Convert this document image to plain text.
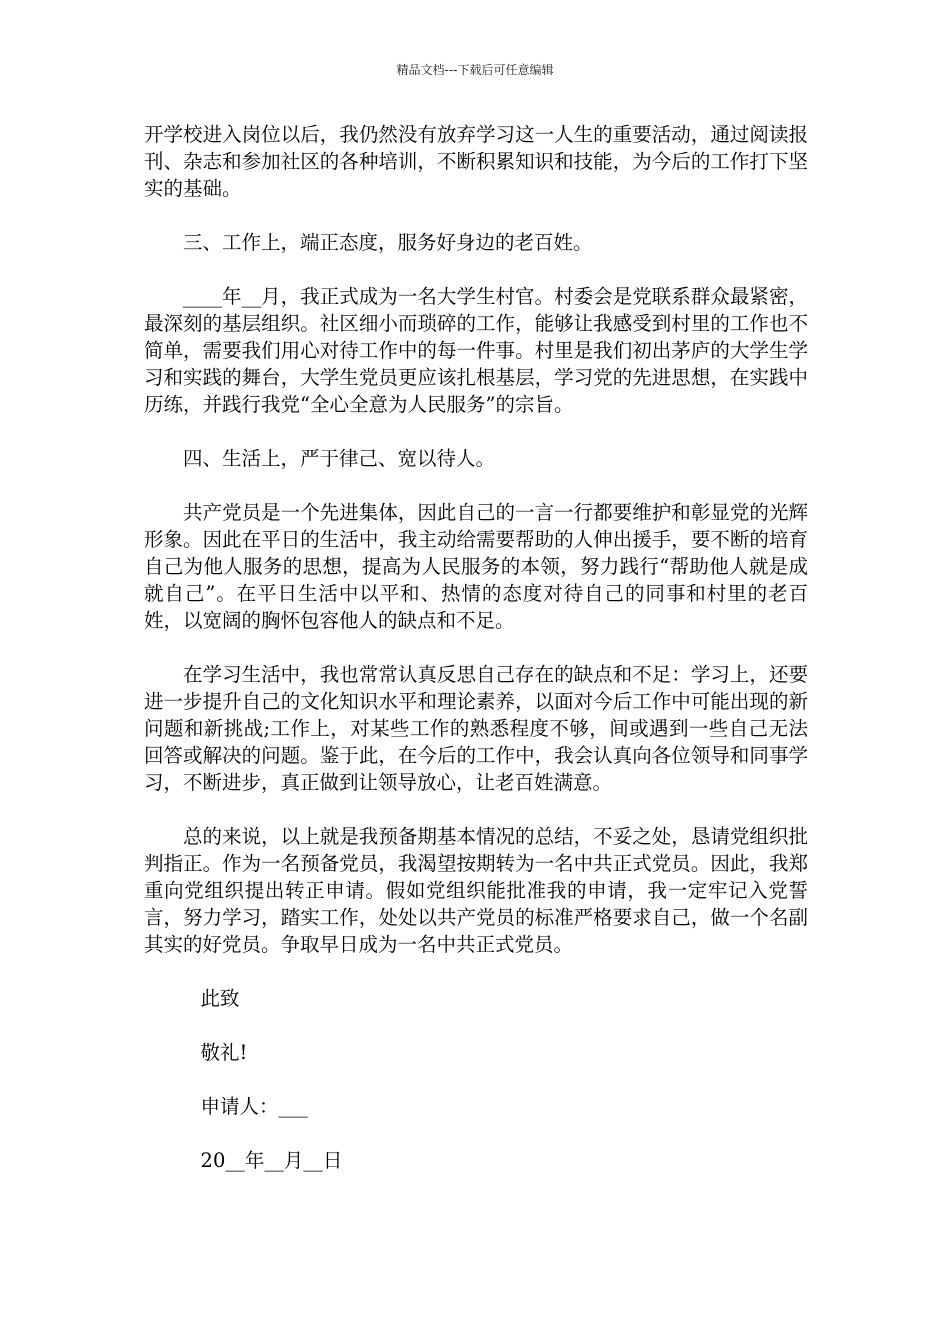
精品文档---下载后可任意编辑

开学校进入岗位以后，我仍然没有放弃学习这一人生的重要活动，通过阅读报刊、杂志和参加社区的各种培训，不断积累知识和技能，为今后的工作打下坚实的基础。

三、工作上，端正态度，服务好身边的老百姓。

____年__月，我正式成为一名大学生村官。村委会是党联系群众最紧密，最深刻的基层组织。社区细小而琐碎的工作，能够让我感受到村里的工作也不简单，需要我们用心对待工作中的每一件事。村里是我们初出茅庐的大学生学习和实践的舞台，大学生党员更应该扎根基层，学习党的先进思想，在实践中历练，并践行我党“全心全意为人民服务”的宗旨。

四、生活上，严于律己、宽以待人。

共产党员是一个先进集体，因此自己的一言一行都要维护和彰显党的光辉形象。因此在平日的生活中，我主动给需要帮助的人伸出援手，要不断的培育自己为他人服务的思想，提高为人民服务的本领，努力践行“帮助他人就是成就自己”。在平日生活中以平和、热情的态度对待自己的同事和村里的老百姓，以宽阔的胸怀包容他人的缺点和不足。

在学习生活中，我也常常认真反思自己存在的缺点和不足：学习上，还要进一步提升自己的文化知识水平和理论素养，以面对今后工作中可能出现的新问题和新挑战;工作上，对某些工作的熟悉程度不够，间或遇到一些自己无法回答或解决的问题。鉴于此，在今后的工作中，我会认真向各位领导和同事学习，不断进步，真正做到让领导放心，让老百姓满意。

总的来说，以上就是我预备期基本情况的总结，不妥之处，恳请党组织批判指正。作为一名预备党员，我渴望按期转为一名中共正式党员。因此，我郑重向党组织提出转正申请。假如党组织能批准我的申请，我一定牢记入党誓言，努力学习，踏实工作，处处以共产党员的标准严格要求自己，做一个名副其实的好党员。争取早日成为一名中共正式党员。

此致
敬礼!
申请人：___
20__年__月__日
